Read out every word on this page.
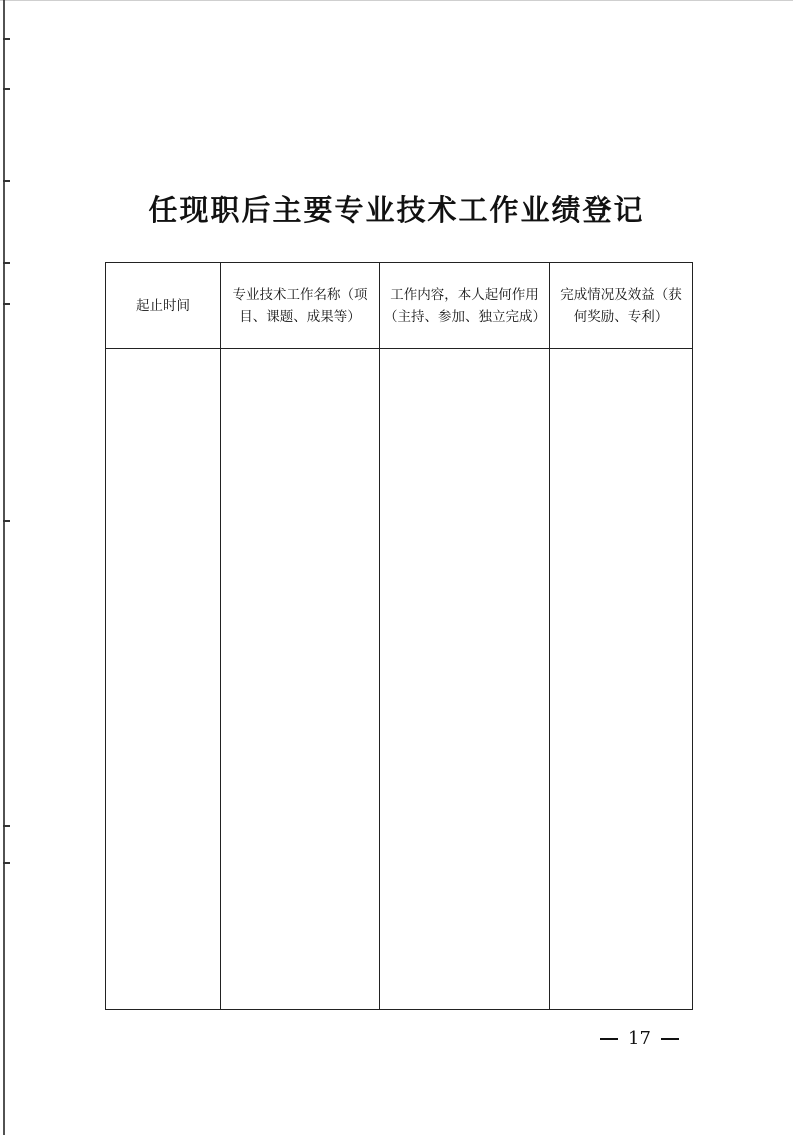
任现职后主要专业技术工作业绩登记
起止时间	专业技术工作名称（项目、课题、成果等）	工作内容，本人起何作用（主持、参加、独立完成）	完成情况及效益（获何奖励、专利）

17
